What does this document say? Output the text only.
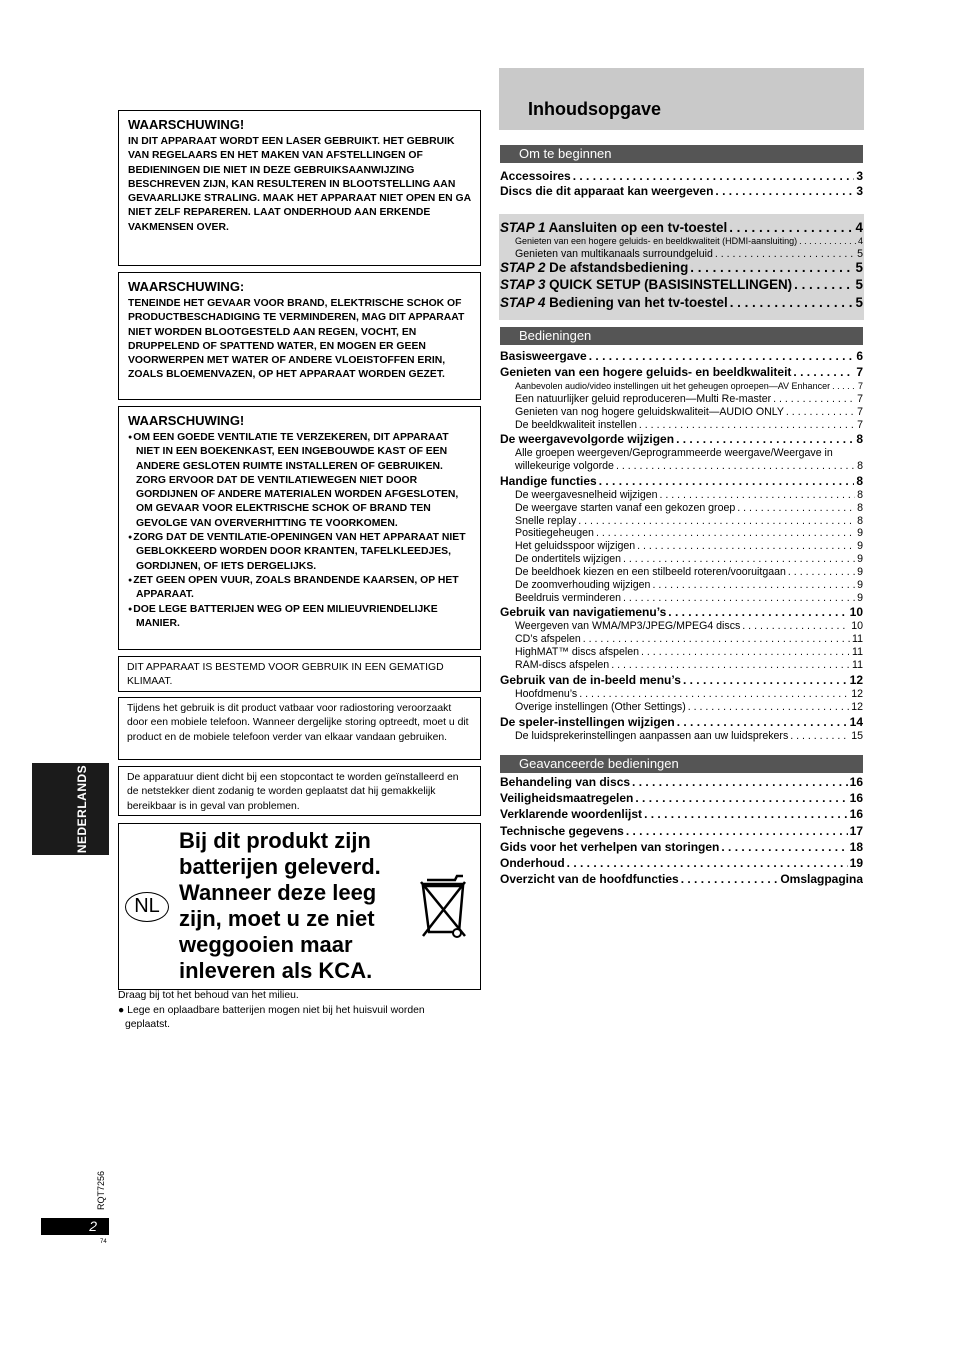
WAARSCHUWING!
IN DIT APPARAAT WORDT EEN LASER GEBRUIKT. HET GEBRUIK VAN REGELAARS EN HET MAKEN VAN AFSTELLINGEN OF BEDIENINGEN DIE NIET IN DEZE GEBRUIKSAANWIJZING BESCHREVEN ZIJN, KAN RESULTEREN IN BLOOTSTELLING AAN GEVAARLIJKE STRALING. MAAK HET APPARAAT NIET OPEN EN GA NIET ZELF REPAREREN. LAAT ONDERHOUD AAN ERKENDE VAKMENSEN OVER.
WAARSCHUWING:
TENEINDE HET GEVAAR VOOR BRAND, ELEKTRISCHE SCHOK OF PRODUCTBESCHADIGING TE VERMINDEREN, MAG DIT APPARAAT NIET WORDEN BLOOTGESTELD AAN REGEN, VOCHT, EN DRUPPELEND OF SPATTEND WATER, EN MOGEN ER GEEN VOORWERPEN MET WATER OF ANDERE VLOEISTOFFEN ERIN, ZOALS BLOEMENVAZEN, OP HET APPARAAT WORDEN GEZET.
WAARSCHUWING!
● OM EEN GOEDE VENTILATIE TE VERZEKEREN, DIT APPARAAT NIET IN EEN BOEKENKAST, EEN INGEBOUWDE KAST OF EEN ANDERE GESLOTEN RUIMTE INSTALLEREN OF GEBRUIKEN. ZORG ERVOOR DAT DE VENTILATIEWEGEN NIET DOOR GORDIJNEN OF ANDERE MATERIALEN WORDEN AFGESLOTEN, OM GEVAAR VOOR ELEKTRISCHE SCHOK OF BRAND TEN GEVOLGE VAN OVERVERHITTING TE VOORKOMEN.
● ZORG DAT DE VENTILATIE-OPENINGEN VAN HET APPARAAT NIET GEBLOKKEERD WORDEN DOOR KRANTEN, TAFELKLEEDJES, GORDIJNEN, OF IETS DERGELIJKS.
● ZET GEEN OPEN VUUR, ZOALS BRANDENDE KAARSEN, OP HET APPARAAT.
● DOE LEGE BATTERIJEN WEG OP EEN MILIEUVRIENDELIJKE MANIER.
DIT APPARAAT IS BESTEMD VOOR GEBRUIK IN EEN GEMATIGD KLIMAAT.
Tijdens het gebruik is dit product vatbaar voor radiostoring veroorzaakt door een mobiele telefoon. Wanneer dergelijke storing optreedt, moet u dit product en de mobiele telefoon verder van elkaar vandaan gebruiken.
De apparatuur dient dicht bij een stopcontact te worden geïnstalleerd en de netstekker dient zodanig te worden geplaatst dat hij gemakkelijk bereikbaar is in geval van problemen.
NEDERLANDS
NL
Bij dit produkt zijn batterijen geleverd. Wanneer deze leeg zijn, moet u ze niet weggooien maar inleveren als KCA.
Draag bij tot het behoud van het milieu.
● Lege en oplaadbare batterijen mogen niet bij het huisvuil worden geplaatst.
RQT7256
2
74
Inhoudsopgave
Om te beginnen
Accessoires . . .	3
Discs die dit apparaat kan weergeven . . .	3
Basisweergave . . .	6
Genieten van een hogere geluids- en beeldkwaliteit . . .	7
Aanbevolen audio/video instellingen uit het geheugen oproepen—AV Enhancer . . .	7
Een natuurlijker geluid reproduceren—Multi Re-master . . .	7
Genieten van nog hogere geluidskwaliteit—AUDIO ONLY . . .	7
De beeldkwaliteit instellen . . .	7
De weergavevolgorde wijzigen . . .	8
Alle groepen weergeven/Geprogrammeerde weergave/Weergave in
willekeurige volgorde . . .	8
Handige functies . . .	8
De weergavesnelheid wijzigen . . .	8
De weergave starten vanaf een gekozen groep . . .	8
Snelle replay . . .	8
Positiegeheugen . . .	9
Het geluidsspoor wijzigen . . .	9
De ondertitels wijzigen . . .	9
De beeldhoek kiezen en een stilbeeld roteren/vooruitgaan . . .	9
De zoomverhouding wijzigen . . .	9
Beeldruis verminderen . . .	9
Gebruik van navigatiemenu’s . . .	10
Weergeven van WMA/MP3/JPEG/MPEG4 discs . . .	10
CD’s afspelen . . .	11
HighMAT™ discs afspelen . . .	11
RAM-discs afspelen . . .	11
Gebruik van de in-beeld menu’s . . .	12
Hoofdmenu’s . . .	12
Overige instellingen (Other Settings) . . .	12
De speler-instellingen wijzigen . . .	14
De luidsprekerinstellingen aanpassen aan uw luidsprekers . . .	15
Behandeling van discs . . .	16
Veiligheidsmaatregelen . . .	16
Verklarende woordenlijst . . .	16
Technische gegevens . . .	17
Gids voor het verhelpen van storingen . . .	18
Onderhoud . . .	19
Overzicht van de hoofdfuncties . . .	Omslagpagina
STAP 1 Aansluiten op een tv-toestel . . .	4
Genieten van een hogere geluids- en beeldkwaliteit (HDMI-aansluiting) . . .	4
Genieten van multikanaals surroundgeluid . . .	5
STAP 2 De afstandsbediening . . .	5
STAP 3 QUICK SETUP (BASISINSTELLINGEN) . . .	5
STAP 4 Bediening van het tv-toestel . . .	5
Bedieningen
Geavanceerde bedieningen
